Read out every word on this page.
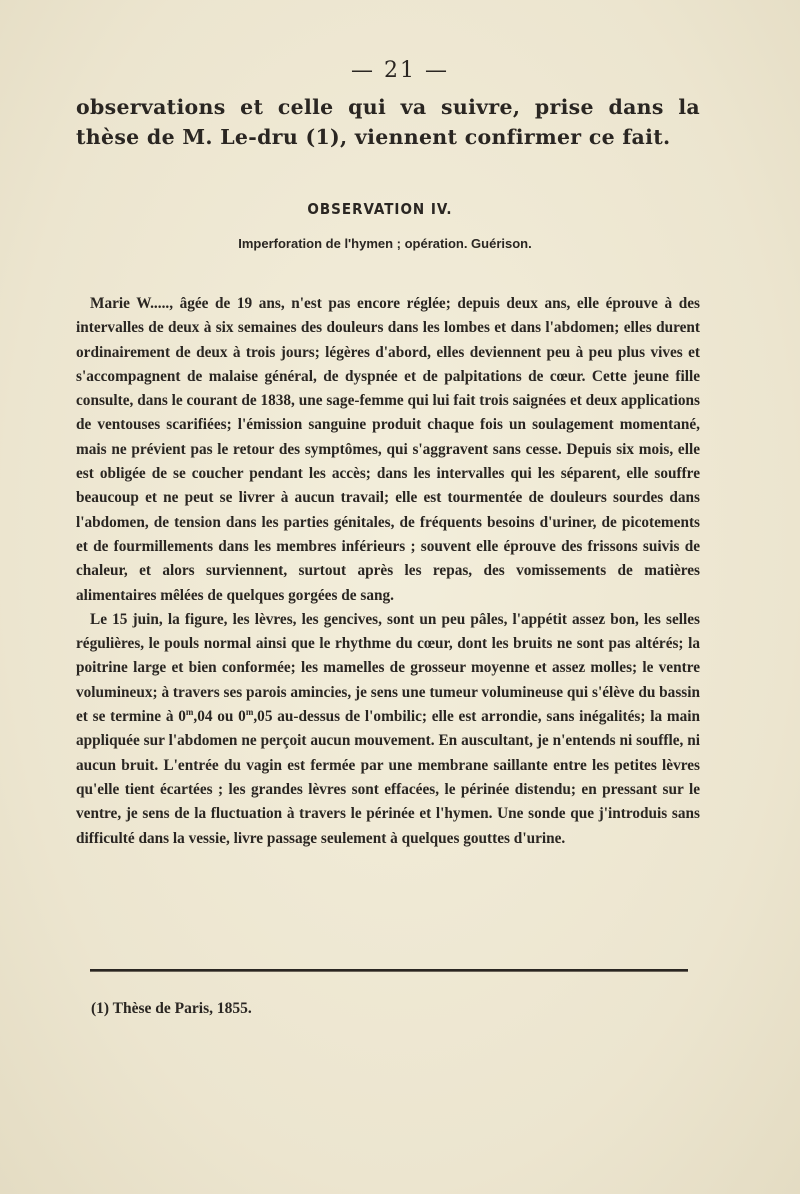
— 21 —
observations et celle qui va suivre, prise dans la thèse de M. Le-dru (1), viennent confirmer ce fait.
OBSERVATION IV.
Imperforation de l'hymen ; opération. Guérison.

Marie W....., âgée de 19 ans, n'est pas encore réglée; depuis deux ans, elle éprouve à des intervalles de deux à six semaines des douleurs dans les lombes et dans l'abdomen; elles durent ordinairement de deux à trois jours; légères d'abord, elles deviennent peu à peu plus vives et s'accompagnent de malaise général, de dyspnée et de palpitations de cœur. Cette jeune fille consulte, dans le courant de 1838, une sage-femme qui lui fait trois saignées et deux applications de ventouses scarifiées; l'émission sanguine produit chaque fois un soulagement momentané, mais ne prévient pas le retour des symptômes, qui s'aggravent sans cesse. Depuis six mois, elle est obligée de se coucher pendant les accès; dans les intervalles qui les séparent, elle souffre beaucoup et ne peut se livrer à aucun travail; elle est tourmentée de douleurs sourdes dans l'abdomen, de tension dans les parties génitales, de fréquents besoins d'uriner, de picotements et de fourmillements dans les membres inférieurs ; souvent elle éprouve des frissons suivis de chaleur, et alors surviennent, surtout après les repas, des vomissements de matières alimentaires mêlées de quelques gorgées de sang.

Le 15 juin, la figure, les lèvres, les gencives, sont un peu pâles, l'appétit assez bon, les selles régulières, le pouls normal ainsi que le rhythme du cœur, dont les bruits ne sont pas altérés; la poitrine large et bien conformée; les mamelles de grosseur moyenne et assez molles; le ventre volumineux; à travers ses parois amincies, je sens une tumeur volumineuse qui s'élève du bassin et se termine à 0$^m$,04 ou 0$^m$,05 au-dessus de l'ombilic; elle est arrondie, sans inégalités; la main appliquée sur l'abdomen ne perçoit aucun mouvement. En auscultant, je n'entends ni souffle, ni aucun bruit. L'entrée du vagin est fermée par une membrane saillante entre les petites lèvres qu'elle tient écartées ; les grandes lèvres sont effacées, le périnée distendu; en pressant sur le ventre, je sens de la fluctuation à travers le périnée et l'hymen. Une sonde que j'introduis sans difficulté dans la vessie, livre passage seulement à quelques gouttes d'urine.

(1) Thèse de Paris, 1855.
